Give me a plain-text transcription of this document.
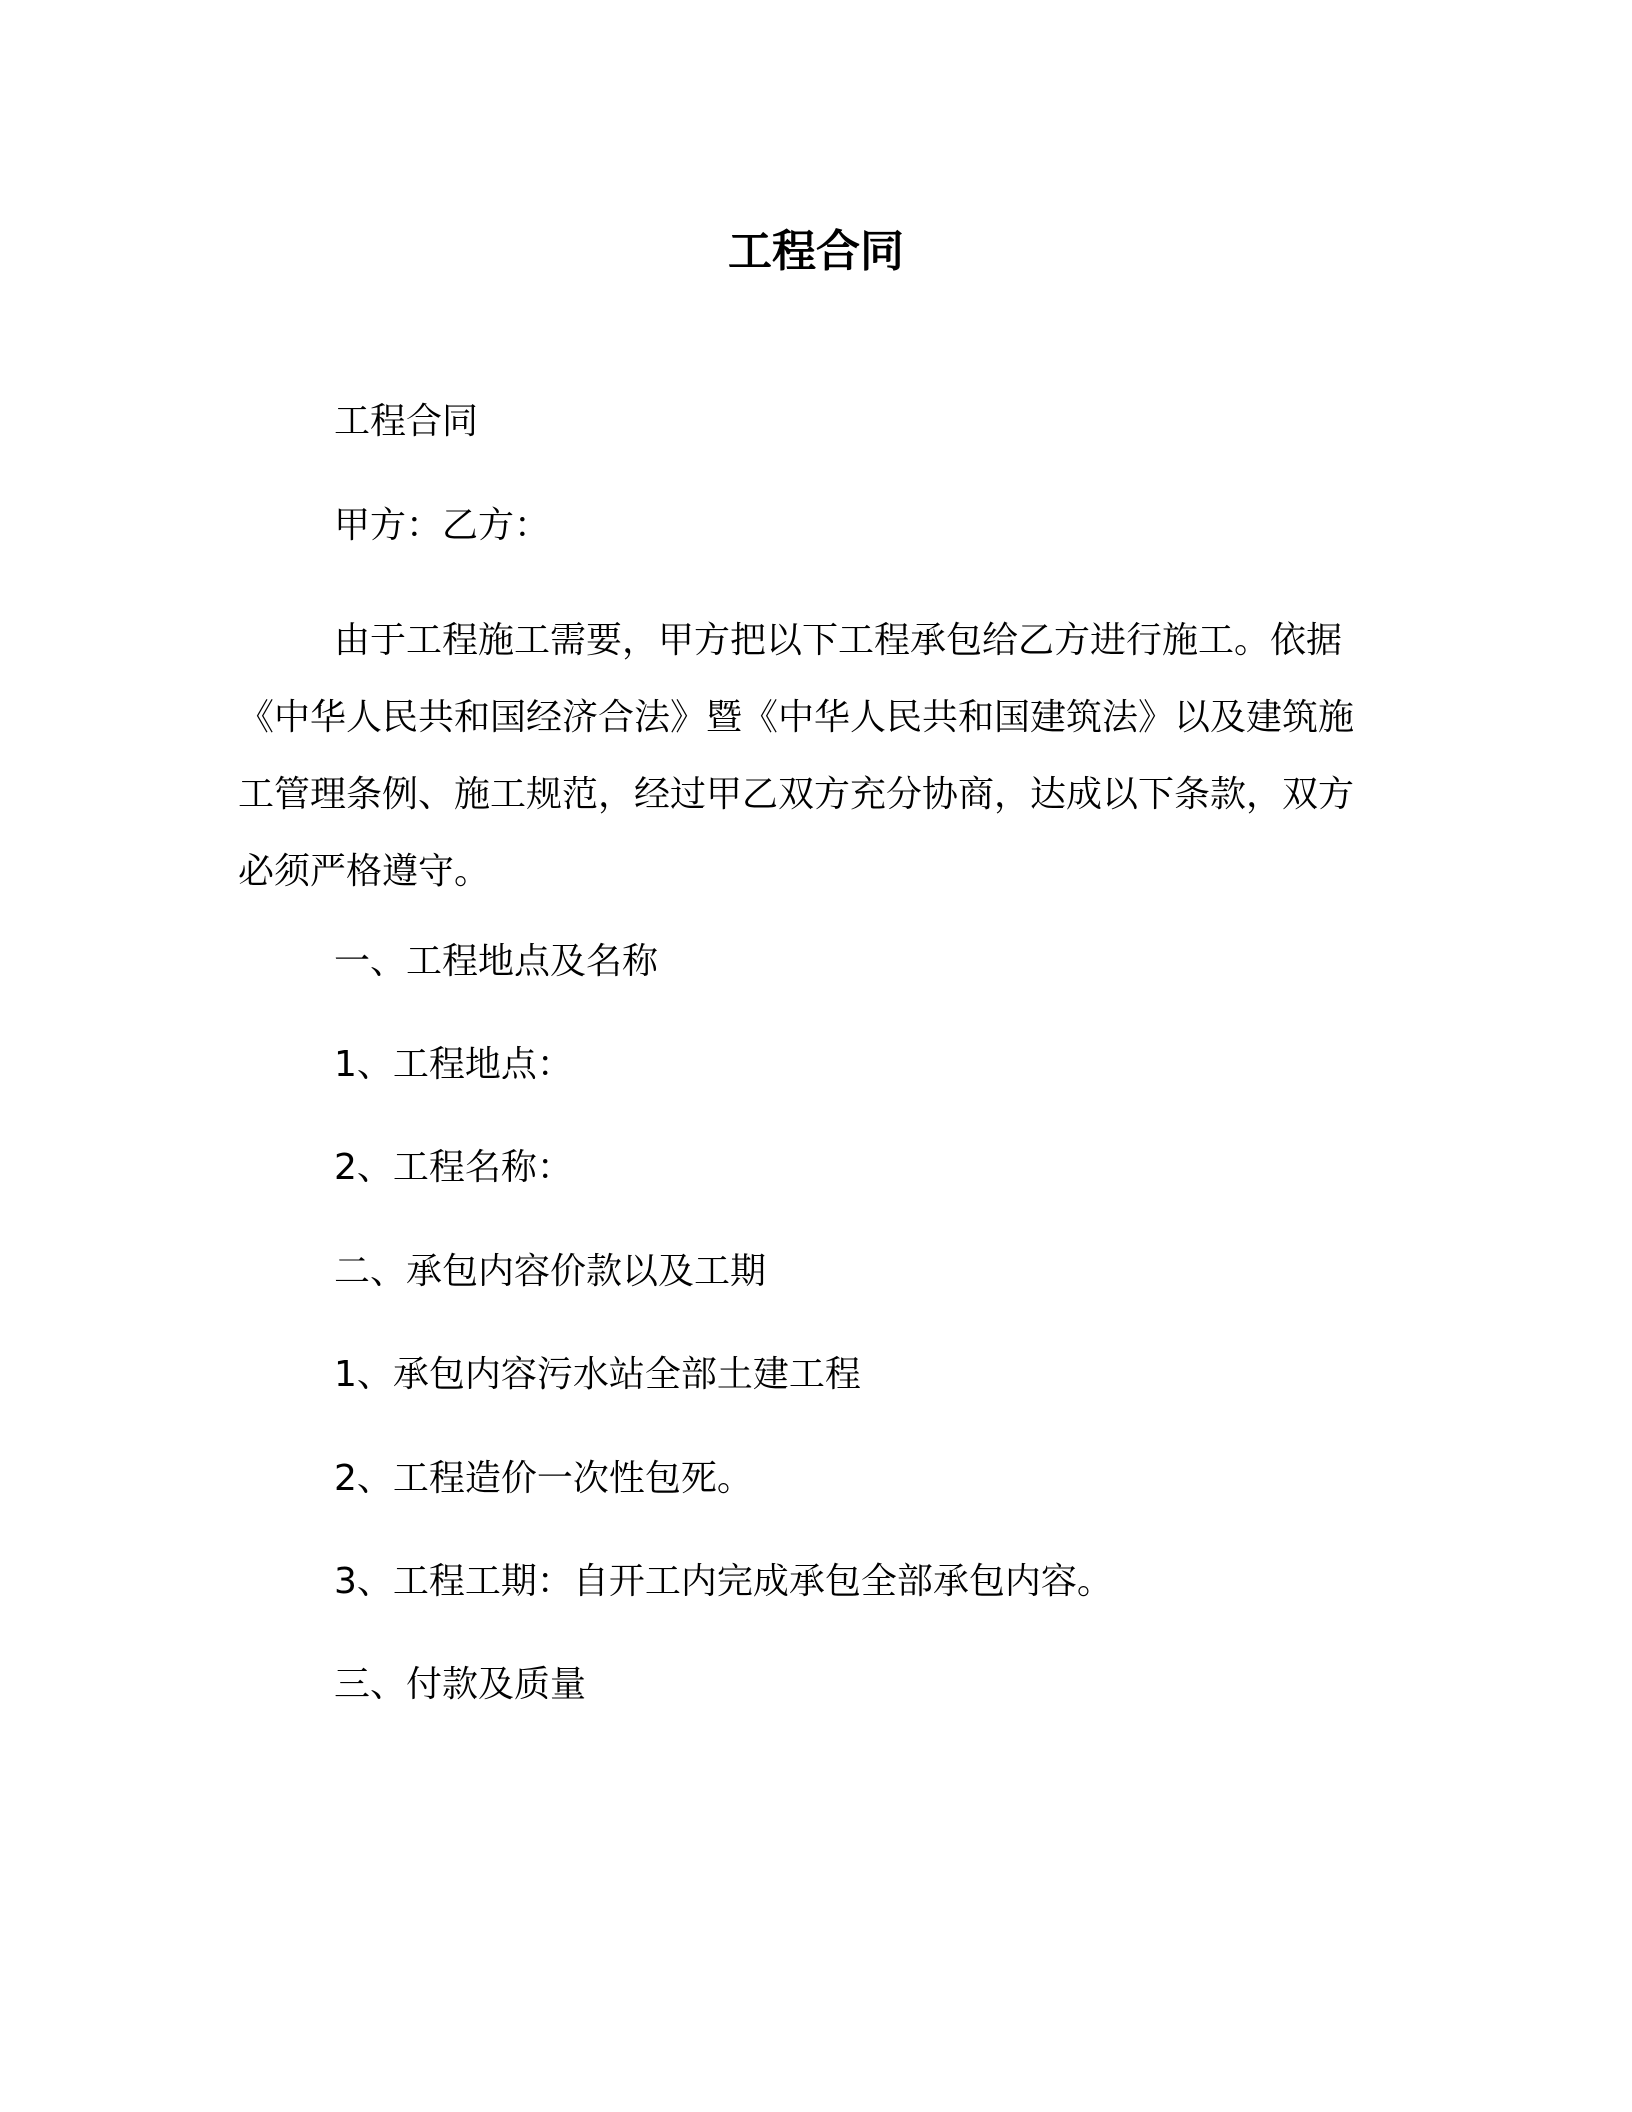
工程合同

工程合同

甲方：乙方：

由于工程施工需要，甲方把以下工程承包给乙方进行施工。依据《中华人民共和国经济合法》暨《中华人民共和国建筑法》以及建筑施工管理条例、施工规范，经过甲乙双方充分协商，达成以下条款，双方必须严格遵守。

一、工程地点及名称

1、工程地点：

2、工程名称：

二、承包内容价款以及工期

1、承包内容污水站全部土建工程

2、工程造价一次性包死。

3、工程工期：自开工内完成承包全部承包内容。

三、付款及质量
